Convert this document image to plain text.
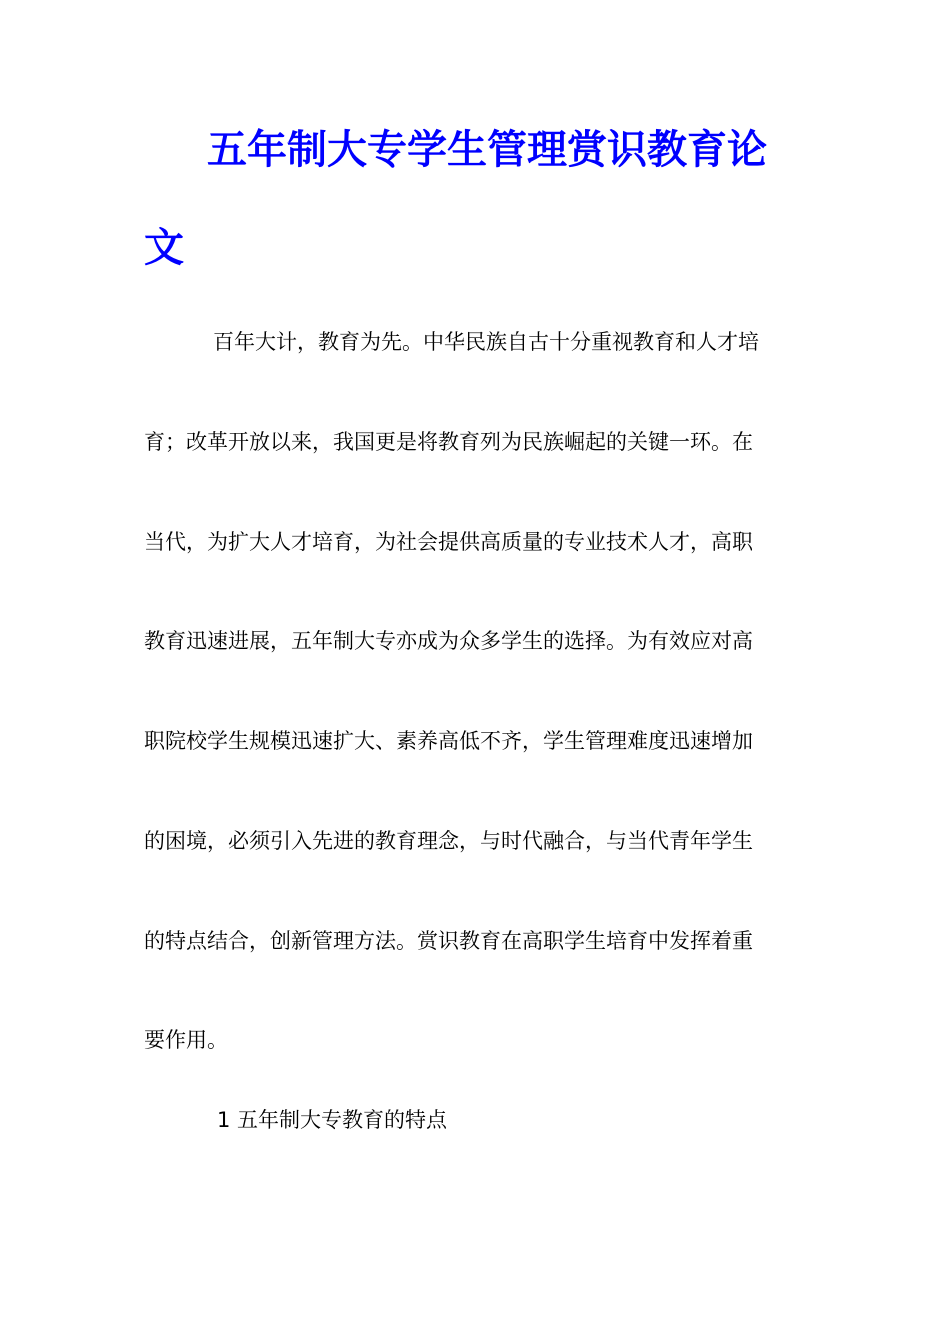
五年制大专学生管理赏识教育论
文

百年大计，教育为先。中华民族自古十分重视教育和人才培

育；改革开放以来，我国更是将教育列为民族崛起的关键一环。在

当代，为扩大人才培育，为社会提供高质量的专业技术人才，高职

教育迅速进展，五年制大专亦成为众多学生的选择。为有效应对高

职院校学生规模迅速扩大、素养高低不齐，学生管理难度迅速增加

的困境，必须引入先进的教育理念，与时代融合，与当代青年学生

的特点结合，创新管理方法。赏识教育在高职学生培育中发挥着重

要作用。

1 五年制大专教育的特点
